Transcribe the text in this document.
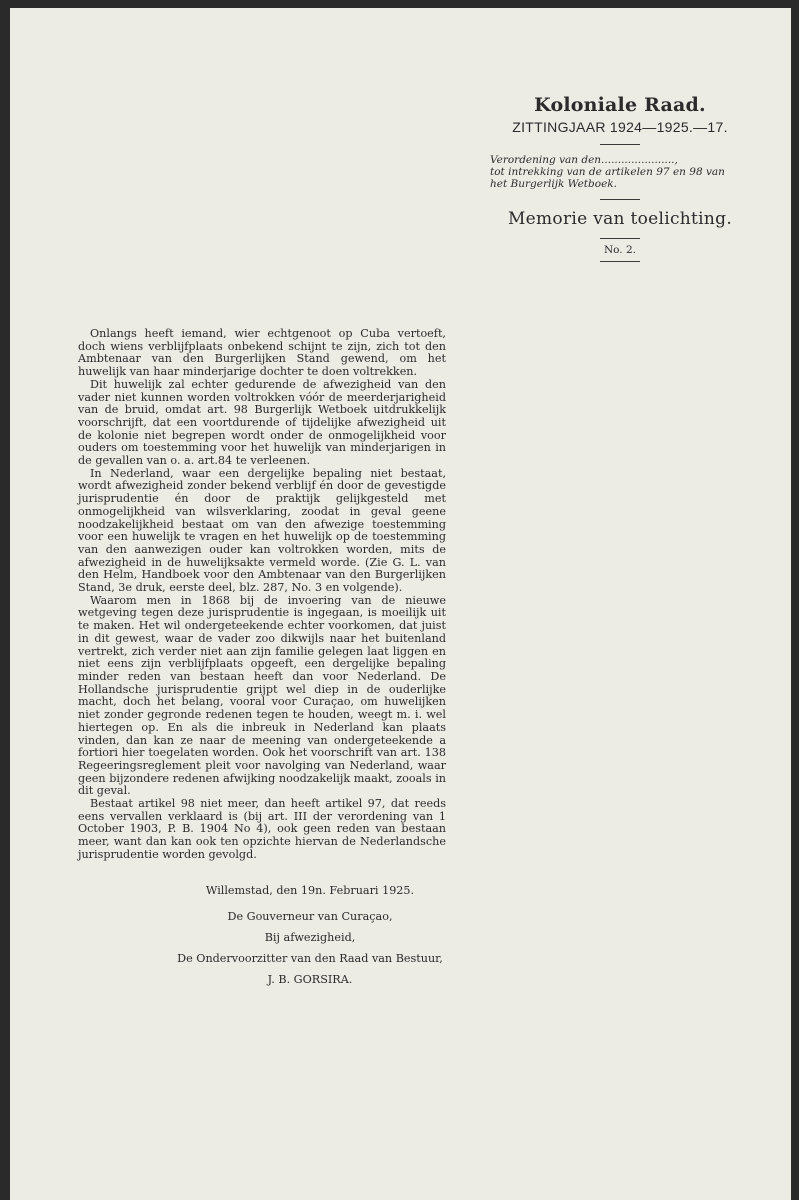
Koloniale Raad.

ZITTINGJAAR 1924—1925.—17.

Verordening van den......................,
tot intrekking van de artikelen 97 en 98 van
het Burgerlijk Wetboek.
Memorie van toelichting.

No. 2.

Onlangs heeft iemand, wier echtgenoot op Cuba vertoeft, doch wiens verblijfplaats onbekend schijnt te zijn, zich tot den Ambtenaar van den Burgerlijken Stand gewend, om het huwelijk van haar minderjarige dochter te doen voltrekken.

Dit huwelijk zal echter gedurende de afwezigheid van den vader niet kunnen worden voltrokken vóór de meerderjarigheid van de bruid, omdat art. 98 Burgerlijk Wetboek uitdrukkelijk voorschrijft, dat een voortdurende of tijdelijke afwezigheid uit de kolonie niet begrepen wordt onder de onmogelijkheid voor ouders om toestemming voor het huwelijk van minderjarigen in de gevallen van o. a. art.84 te verleenen.

In Nederland, waar een dergelijke bepaling niet bestaat, wordt afwezigheid zonder bekend verblijf én door de gevestigde jurisprudentie én door de praktijk gelijkgesteld met onmogelijkheid van wilsverklaring, zoodat in geval geene noodzakelijkheid bestaat om van den afwezige toestemming voor een huwelijk te vragen en het huwelijk op de toestemming van den aanwezigen ouder kan voltrokken worden, mits de afwezigheid in de huwelijksakte vermeld worde. (Zie G. L. van den Helm, Handboek voor den Ambtenaar van den Burgerlijken Stand, 3e druk, eerste deel, blz. 287, No. 3 en volgende).

Waarom men in 1868 bij de invoering van de nieuwe wetgeving tegen deze jurisprudentie is ingegaan, is moeilijk uit te maken. Het wil ondergeteekende echter voorkomen, dat juist in dit gewest, waar de vader zoo dikwijls naar het buitenland vertrekt, zich verder niet aan zijn familie gelegen laat liggen en niet eens zijn verblijfplaats opgeeft, een dergelijke bepaling minder reden van bestaan heeft dan voor Nederland. De Hollandsche jurisprudentie grijpt wel diep in de ouderlijke macht, doch het belang, vooral voor Curaçao, om huwelijken niet zonder gegronde redenen tegen te houden, weegt m. i. wel hiertegen op. En als die inbreuk in Nederland kan plaats vinden, dan kan ze naar de meening van ondergeteekende a fortiori hier toegelaten worden. Ook het voorschrift van art. 138 Regeeringsreglement pleit voor navolging van Nederland, waar geen bijzondere redenen afwijking noodzakelijk maakt, zooals in dit geval.

Bestaat artikel 98 niet meer, dan heeft artikel 97, dat reeds eens vervallen verklaard is (bij art. III der verordening van 1 October 1903, P. B. 1904 No 4), ook geen reden van bestaan meer, want dan kan ook ten opzichte hiervan de Nederlandsche jurisprudentie worden gevolgd.

Willemstad, den 19n. Februari 1925.

De Gouverneur van Curaçao,
Bij afwezigheid,
De Ondervoorzitter van den Raad van Bestuur,
J. B. GORSIRA.
